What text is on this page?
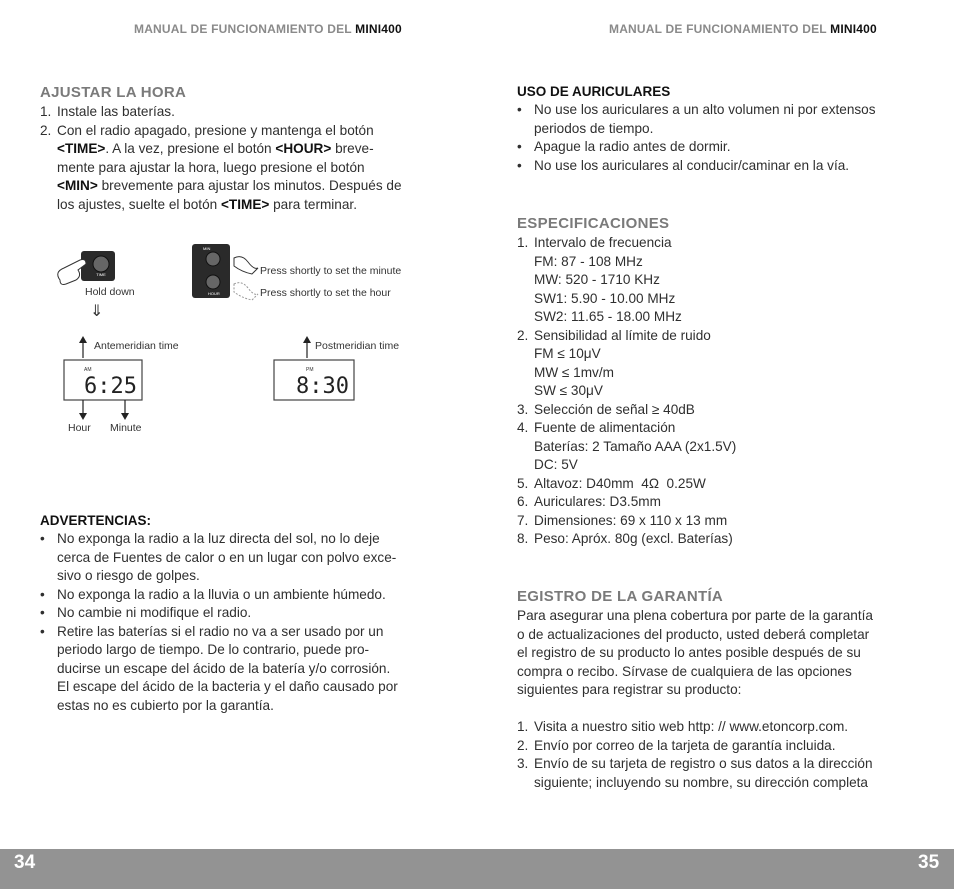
MANUAL DE FUNCIONAMIENTO DEL MINI400	MANUAL DE FUNCIONAMIENTO DEL MINI400
AJUSTAR LA HORA
1. Instale las baterías.
2. Con el radio apagado, presione y mantenga el botón
<TIME>. A la vez, presione el botón <HOUR> breve-
mente para ajustar la hora, luego presione el botón
<MIN> brevemente para ajustar los minutos. Después de
los ajustes, suelte el botón <TIME> para terminar.
TIME
Hold down
⇓
MIN
HOUR
Press shortly to set the minute
Press shortly to set the hour
Antemeridian time
AM
6:25
Hour Minute
Postmeridian time
PM
8:30
ADVERTENCIAS:
• No exponga la radio a la luz directa del sol, no lo deje
cerca de Fuentes de calor o en un lugar con polvo exce-
sivo o riesgo de golpes.
• No exponga la radio a la lluvia o un ambiente húmedo.
• No cambie ni modifique el radio.
• Retire las baterías si el radio no va a ser usado por un
periodo largo de tiempo. De lo contrario, puede pro-
ducirse un escape del ácido de la batería y/o corrosión.
El escape del ácido de la bacteria y el daño causado por
estas no es cubierto por la garantía.
USO DE AURICULARES
• No use los auriculares a un alto volumen ni por extensos
periodos de tiempo.
• Apague la radio antes de dormir.
• No use los auriculares al conducir/caminar en la vía.
ESPECIFICACIONES
1. Intervalo de frecuencia
FM: 87 - 108 MHz
MW: 520 - 1710 KHz
SW1: 5.90 - 10.00 MHz
SW2: 11.65 - 18.00 MHz
2. Sensibilidad al límite de ruido
FM ≤ 10μV
MW ≤ 1mv/m
SW ≤ 30μV
3. Selección de señal ≥ 40dB
4. Fuente de alimentación
Baterías: 2 Tamaño AAA (2x1.5V)
DC: 5V
5. Altavoz: D40mm  4Ω  0.25W
6. Auriculares: D3.5mm
7. Dimensiones: 69 x 110 x 13 mm
8. Peso: Apróx. 80g (excl. Baterías)
EGISTRO DE LA GARANTÍA
Para asegurar una plena cobertura por parte de la garantía
o de actualizaciones del producto, usted deberá completar
el registro de su producto lo antes posible después de su
compra o recibo. Sírvase de cualquiera de las opciones
siguientes para registrar su producto:
1. Visita a nuestro sitio web http: // www.etoncorp.com.
2. Envío por correo de la tarjeta de garantía incluida.
3. Envío de su tarjeta de registro o sus datos a la dirección
siguiente; incluyendo su nombre, su dirección completa
34	35
